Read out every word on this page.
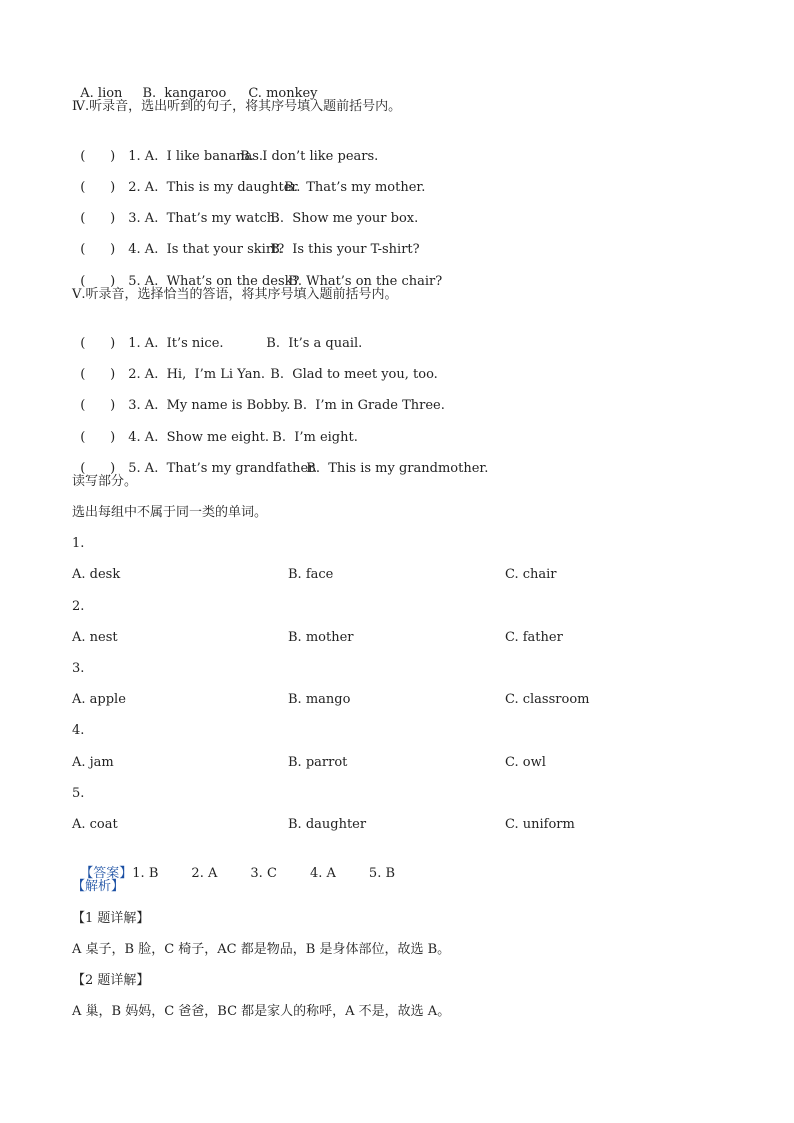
A. lion B.  kangaroo C. monkey

Ⅳ.听录音，选出听到的句子，将其序号填入题前括号内。

(      ) 1. A.  I like bananas.B.  I don’t like pears.

(      ) 2. A.  This is my daughter.B.  That’s my mother.

(      ) 3. A.  That’s my watch.B.  Show me your box.

(      ) 4. A.  Is that your skirt?B.  Is this your T-shirt?

(      ) 5. A.  What’s on the desk?B. What’s on the chair?

Ⅴ.听录音，选择恰当的答语，将其序号填入题前括号内。

(      ) 1. A.  It’s nice.	B.  It’s a quail.

(      ) 2. A.  Hi,  I’m Li Yan. B.  Glad to meet you, too.

(      ) 3. A.  My name is Bobby. B.  I’m in Grade Three.

(      ) 4. A.  Show me eight. B.  I’m eight.

(      ) 5. A.  That’s my grandfather.B.  This is my grandmother.

读写部分。
选出每组中不属于同一类的单词。
1.
A. desk	B. face	C. chair
2.
A. nest	B. mother	C. father
3.
A. apple	B. mango	C. classroom
4.
A. jam	B. parrot	C. owl
5.
A. coat	B. daughter	C. uniform

【答案】1. B        2. A        3. C        4. A        5. B

【解析】
【1 题详解】
A 桌子，B 脸，C 椅子，AC 都是物品，B 是身体部位，故选 B。
【2 题详解】
A 巢，B 妈妈，C 爸爸，BC 都是家人的称呼，A 不是，故选 A。
